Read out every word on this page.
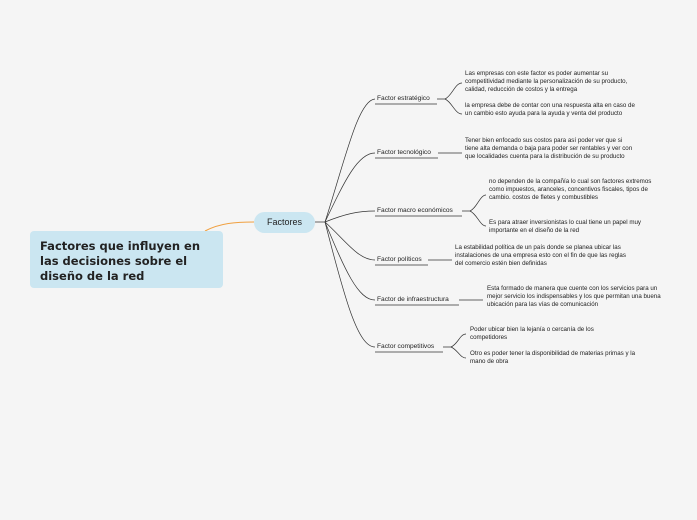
Factores que influyen en las decisiones sobre el diseño de la red
Factores
Factor estratégico
Factor tecnológico
Factor macro económicos
Factor políticos
Factor de infraestructura
Factor competitivos
Las empresas con este factor es poder aumentar su competitividad mediante la personalización de su producto, calidad, reducción de costos y la entrega
la empresa debe de contar con una respuesta alta en caso de un cambio esto ayuda para la ayuda y venta del producto
Tener bien enfocado sus costos para así poder ver que si tiene alta demanda o baja para poder ser rentables y ver con que localidades cuenta para la distribución de su producto
no dependen de la compañía lo cual son factores extremos como impuestos, aranceles, concentivos fiscales, tipos de cambio. costos de fletes y combustibles
Es para atraer inversionistas lo cual tiene un papel muy importante en el diseño de la red
La estabilidad política de un país donde se planea ubicar las instalaciones de una empresa esto con el fin de que las reglas del comercio estén bien definidas
Esta formado de manera que cuente con los servicios para un mejor servicio los indispensables y los que permitan una buena ubicación para las vías de comunicación
Poder ubicar bien la lejanía o cercanía de los competidores
Otro es poder tener la disponibilidad de materias primas y la mano de obra
